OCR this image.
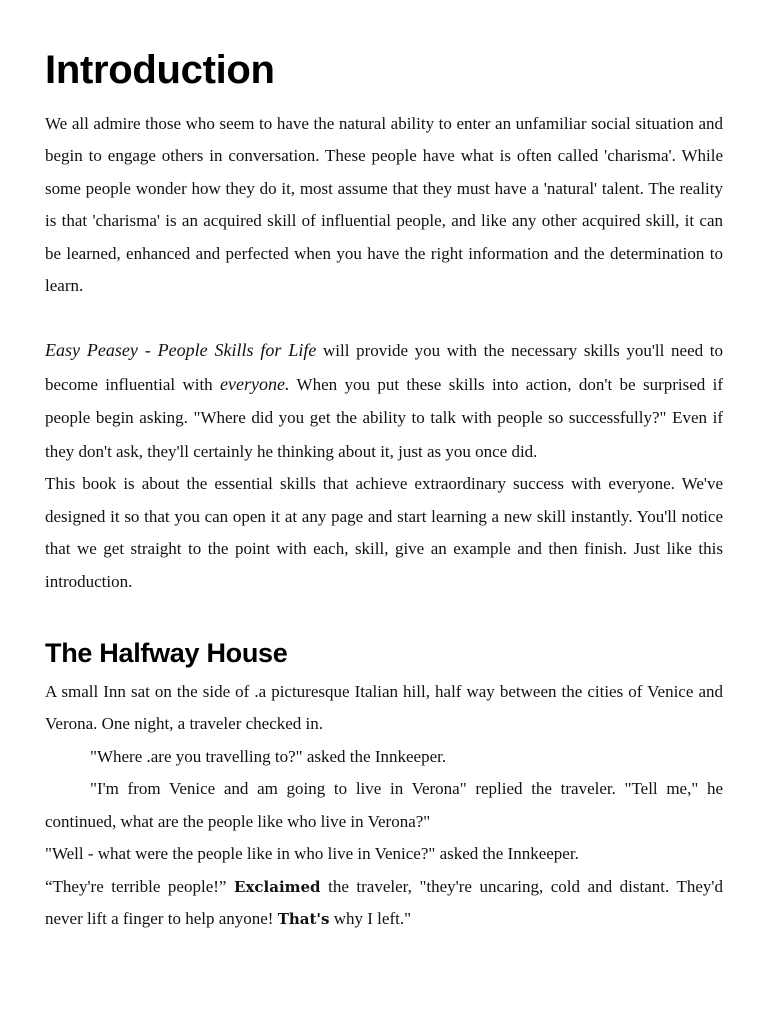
Introduction

We all admire those who seem to have the natural ability to enter an unfamiliar social situation and begin to engage others in conversation. These people have what is often called 'charisma'. While some people wonder how they do it, most assume that they must have a 'natural' talent. The reality is that 'charisma' is an acquired skill of influential people, and like any other acquired skill, it can be learned, enhanced and perfected when you have the right information and the determination to learn.

Easy Peasey - People Skills for Life will provide you with the necessary skills you'll need to become influential with everyone. When you put these skills into action, don't be surprised if people begin asking. "Where did you get the ability to talk with people so successfully?" Even if they don't ask, they'll certainly he thinking about it, just as you once did.

This book is about the essential skills that achieve extraordinary success with everyone. We've designed it so that you can open it at any page and start learning a new skill instantly. You'll notice that we get straight to the point with each, skill, give an example and then finish. Just like this introduction.

The Halfway House

A small Inn sat on the side of .a picturesque Italian hill, half way between the cities of Venice and Verona. One night, a traveler checked in.

"Where .are you travelling to?" asked the Innkeeper.

"I'm from Venice and am going to live in Verona" replied the traveler. "Tell me," he continued, what are the people like who live in Verona?"

"Well - what were the people like in who live in Venice?" asked the Innkeeper.

“They're terrible people!” Exclaimed the traveler, "they're uncaring, cold and distant. They'd never lift a finger to help anyone! That's why I left."
